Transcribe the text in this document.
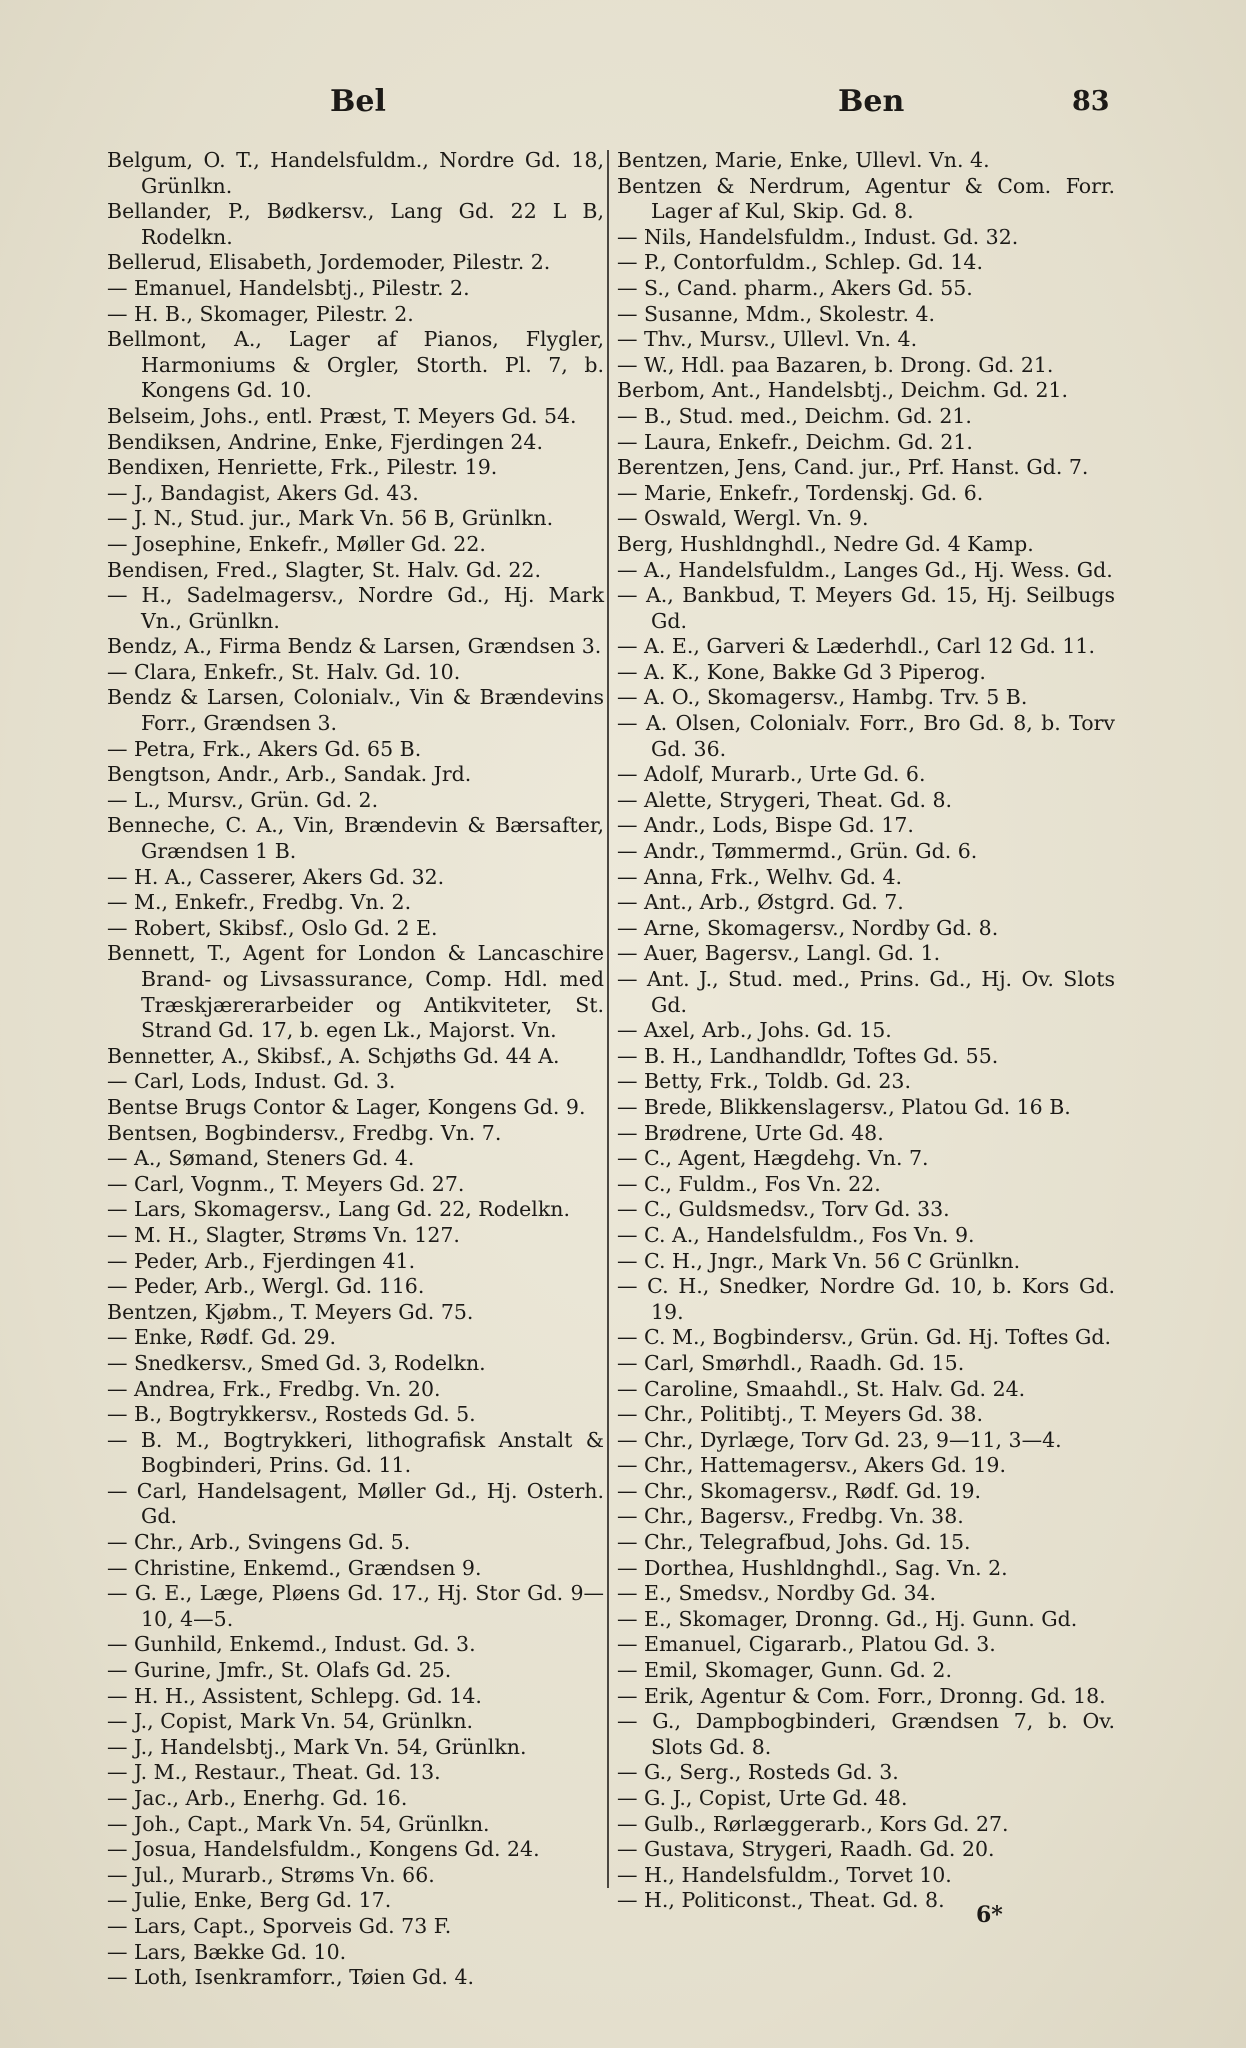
Bel	Ben	83
Belgum, O. T., Handelsfuldm., Nordre Gd. 18, Grünlkn.
Bellander, P., Bødkersv., Lang Gd. 22 L B, Rodelkn.
Bellerud, Elisabeth, Jordemoder, Pilestr. 2.
— Emanuel, Handelsbtj., Pilestr. 2.
— H. B., Skomager, Pilestr. 2.
Bellmont, A., Lager af Pianos, Flygler, Harmoniums & Orgler, Storth. Pl. 7, b. Kongens Gd. 10.
Belseim, Johs., entl. Præst, T. Meyers Gd. 54.
Bendiksen, Andrine, Enke, Fjerdingen 24.
Bendixen, Henriette, Frk., Pilestr. 19.
— J., Bandagist, Akers Gd. 43.
— J. N., Stud. jur., Mark Vn. 56 B, Grünlkn.
— Josephine, Enkefr., Møller Gd. 22.
Bendisen, Fred., Slagter, St. Halv. Gd. 22.
— H., Sadelmagersv., Nordre Gd., Hj. Mark Vn., Grünlkn.
Bendz, A., Firma Bendz & Larsen, Grændsen 3.
— Clara, Enkefr., St. Halv. Gd. 10.
Bendz & Larsen, Colonialv., Vin & Brændevins Forr., Grændsen 3.
— Petra, Frk., Akers Gd. 65 B.
Bengtson, Andr., Arb., Sandak. Jrd.
— L., Mursv., Grün. Gd. 2.
Benneche, C. A., Vin, Brændevin & Bærsafter, Grændsen 1 B.
— H. A., Casserer, Akers Gd. 32.
— M., Enkefr., Fredbg. Vn. 2.
— Robert, Skibsf., Oslo Gd. 2 E.
Bennett, T., Agent for London & Lancaschire Brand- og Livsassurance, Comp. Hdl. med Træskjærerarbeider og Antikviteter, St. Strand Gd. 17, b. egen Lk., Majorst. Vn.
Bennetter, A., Skibsf., A. Schjøths Gd. 44 A.
— Carl, Lods, Indust. Gd. 3.
Bentse Brugs Contor & Lager, Kongens Gd. 9.
Bentsen, Bogbindersv., Fredbg. Vn. 7.
— A., Sømand, Steners Gd. 4.
— Carl, Vognm., T. Meyers Gd. 27.
— Lars, Skomagersv., Lang Gd. 22, Rodelkn.
— M. H., Slagter, Strøms Vn. 127.
— Peder, Arb., Fjerdingen 41.
— Peder, Arb., Wergl. Gd. 116.
Bentzen, Kjøbm., T. Meyers Gd. 75.
— Enke, Rødf. Gd. 29.
— Snedkersv., Smed Gd. 3, Rodelkn.
— Andrea, Frk., Fredbg. Vn. 20.
— B., Bogtrykkersv., Rosteds Gd. 5.
— B. M., Bogtrykkeri, lithografisk Anstalt & Bogbinderi, Prins. Gd. 11.
— Carl, Handelsagent, Møller Gd., Hj. Osterh. Gd.
— Chr., Arb., Svingens Gd. 5.
— Christine, Enkemd., Grændsen 9.
— G. E., Læge, Pløens Gd. 17., Hj. Stor Gd. 9—10, 4—5.
— Gunhild, Enkemd., Indust. Gd. 3.
— Gurine, Jmfr., St. Olafs Gd. 25.
— H. H., Assistent, Schlepg. Gd. 14.
— J., Copist, Mark Vn. 54, Grünlkn.
— J., Handelsbtj., Mark Vn. 54, Grünlkn.
— J. M., Restaur., Theat. Gd. 13.
— Jac., Arb., Enerhg. Gd. 16.
— Joh., Capt., Mark Vn. 54, Grünlkn.
— Josua, Handelsfuldm., Kongens Gd. 24.
— Jul., Murarb., Strøms Vn. 66.
— Julie, Enke, Berg Gd. 17.
— Lars, Capt., Sporveis Gd. 73 F.
— Lars, Bække Gd. 10.
— Loth, Isenkramforr., Tøien Gd. 4.
Bentzen, Marie, Enke, Ullevl. Vn. 4.
Bentzen & Nerdrum, Agentur & Com. Forr. Lager af Kul, Skip. Gd. 8.
— Nils, Handelsfuldm., Indust. Gd. 32.
— P., Contorfuldm., Schlep. Gd. 14.
— S., Cand. pharm., Akers Gd. 55.
— Susanne, Mdm., Skolestr. 4.
— Thv., Mursv., Ullevl. Vn. 4.
— W., Hdl. paa Bazaren, b. Drong. Gd. 21.
Berbom, Ant., Handelsbtj., Deichm. Gd. 21.
— B., Stud. med., Deichm. Gd. 21.
— Laura, Enkefr., Deichm. Gd. 21.
Berentzen, Jens, Cand. jur., Prf. Hanst. Gd. 7.
— Marie, Enkefr., Tordenskj. Gd. 6.
— Oswald, Wergl. Vn. 9.
Berg, Hushldnghdl., Nedre Gd. 4 Kamp.
— A., Handelsfuldm., Langes Gd., Hj. Wess. Gd.
— A., Bankbud, T. Meyers Gd. 15, Hj. Seilbugs Gd.
— A. E., Garveri & Læderhdl., Carl 12 Gd. 11.
— A. K., Kone, Bakke Gd 3 Piperog.
— A. O., Skomagersv., Hambg. Trv. 5 B.
— A. Olsen, Colonialv. Forr., Bro Gd. 8, b. Torv Gd. 36.
— Adolf, Murarb., Urte Gd. 6.
— Alette, Strygeri, Theat. Gd. 8.
— Andr., Lods, Bispe Gd. 17.
— Andr., Tømmermd., Grün. Gd. 6.
— Anna, Frk., Welhv. Gd. 4.
— Ant., Arb., Østgrd. Gd. 7.
— Arne, Skomagersv., Nordby Gd. 8.
— Auer, Bagersv., Langl. Gd. 1.
— Ant. J., Stud. med., Prins. Gd., Hj. Ov. Slots Gd.
— Axel, Arb., Johs. Gd. 15.
— B. H., Landhandldr, Toftes Gd. 55.
— Betty, Frk., Toldb. Gd. 23.
— Brede, Blikkenslagersv., Platou Gd. 16 B.
— Brødrene, Urte Gd. 48.
— C., Agent, Hægdehg. Vn. 7.
— C., Fuldm., Fos Vn. 22.
— C., Guldsmedsv., Torv Gd. 33.
— C. A., Handelsfuldm., Fos Vn. 9.
— C. H., Jngr., Mark Vn. 56 C Grünlkn.
— C. H., Snedker, Nordre Gd. 10, b. Kors Gd. 19.
— C. M., Bogbindersv., Grün. Gd. Hj. Toftes Gd.
— Carl, Smørhdl., Raadh. Gd. 15.
— Caroline, Smaahdl., St. Halv. Gd. 24.
— Chr., Politibtj., T. Meyers Gd. 38.
— Chr., Dyrlæge, Torv Gd. 23, 9—11, 3—4.
— Chr., Hattemagersv., Akers Gd. 19.
— Chr., Skomagersv., Rødf. Gd. 19.
— Chr., Bagersv., Fredbg. Vn. 38.
— Chr., Telegrafbud, Johs. Gd. 15.
— Dorthea, Hushldnghdl., Sag. Vn. 2.
— E., Smedsv., Nordby Gd. 34.
— E., Skomager, Dronng. Gd., Hj. Gunn. Gd.
— Emanuel, Cigararb., Platou Gd. 3.
— Emil, Skomager, Gunn. Gd. 2.
— Erik, Agentur & Com. Forr., Dronng. Gd. 18.
— G., Dampbogbinderi, Grændsen 7, b. Ov. Slots Gd. 8.
— G., Serg., Rosteds Gd. 3.
— G. J., Copist, Urte Gd. 48.
— Gulb., Rørlæggerarb., Kors Gd. 27.
— Gustava, Strygeri, Raadh. Gd. 20.
— H., Handelsfuldm., Torvet 10.
— H., Politiconst., Theat. Gd. 8.
6*
